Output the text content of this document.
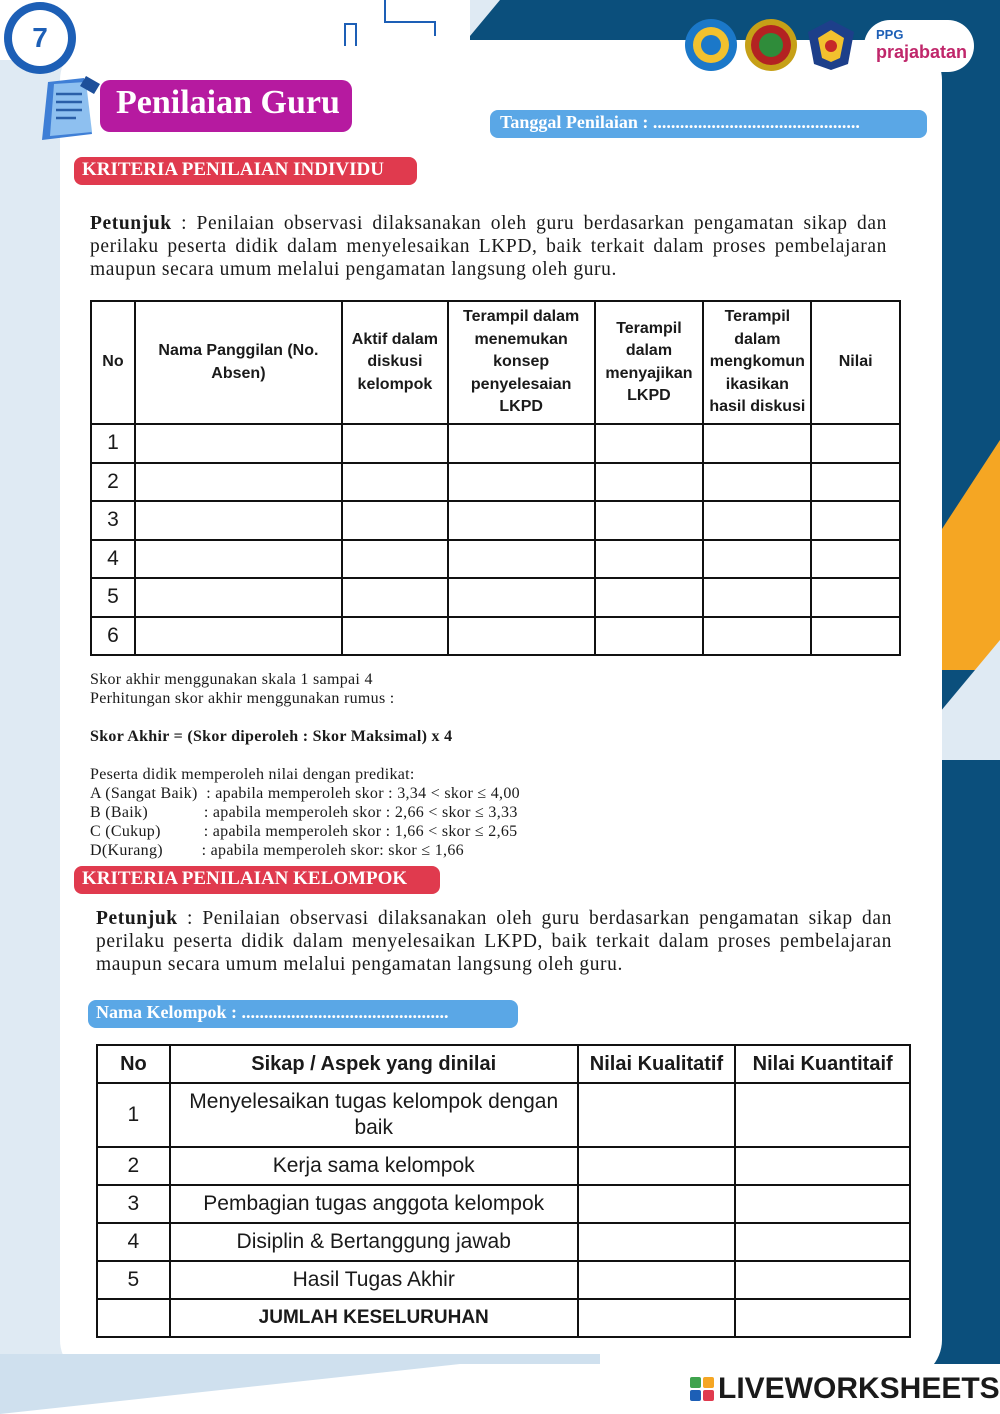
7	PPG
prajabatan
Penilaian Guru
Tanggal Penilaian : ..............................................
KRITERIA PENILAIAN INDIVIDU
Petunjuk : Penilaian observasi dilaksanakan oleh guru berdasarkan pengamatan sikap dan perilaku peserta didik dalam menyelesaikan LKPD, baik terkait dalam proses pembelajaran maupun secara umum melalui pengamatan langsung oleh guru.
No	Nama Panggilan (No. Absen)	Aktif dalam diskusi kelompok	Terampil dalam menemukan konsep penyelesaian LKPD	Terampil dalam menyajikan LKPD	Terampil dalam mengkomun ikasikan hasil diskusi	Nilai
1						
2						
3						
4						
5						
6						
Skor akhir menggunakan skala 1 sampai 4
Perhitungan skor akhir menggunakan rumus :
Skor Akhir = (Skor diperoleh : Skor Maksimal) x 4
Peserta didik memperoleh nilai dengan predikat:
A (Sangat Baik)  : apabila memperoleh skor : 3,34 < skor ≤ 4,00
B (Baik)             : apabila memperoleh skor : 2,66 < skor ≤ 3,33
C (Cukup)          : apabila memperoleh skor : 1,66 < skor ≤ 2,65
D(Kurang)         : apabila memperoleh skor: skor ≤ 1,66
KRITERIA PENILAIAN KELOMPOK
Petunjuk : Penilaian observasi dilaksanakan oleh guru berdasarkan pengamatan sikap dan perilaku peserta didik dalam menyelesaikan LKPD, baik terkait dalam proses pembelajaran maupun secara umum melalui pengamatan langsung oleh guru.
Nama Kelompok : ..............................................
No	Sikap / Aspek yang dinilai	Nilai Kualitatif	Nilai Kuantitaif
1	Menyelesaikan tugas kelompok dengan baik		
2	Kerja sama kelompok		
3	Pembagian tugas anggota kelompok		
4	Disiplin & Bertanggung jawab		
5	Hasil Tugas Akhir		
	JUMLAH KESELURUHAN		
LIVEWORKSHEETS
